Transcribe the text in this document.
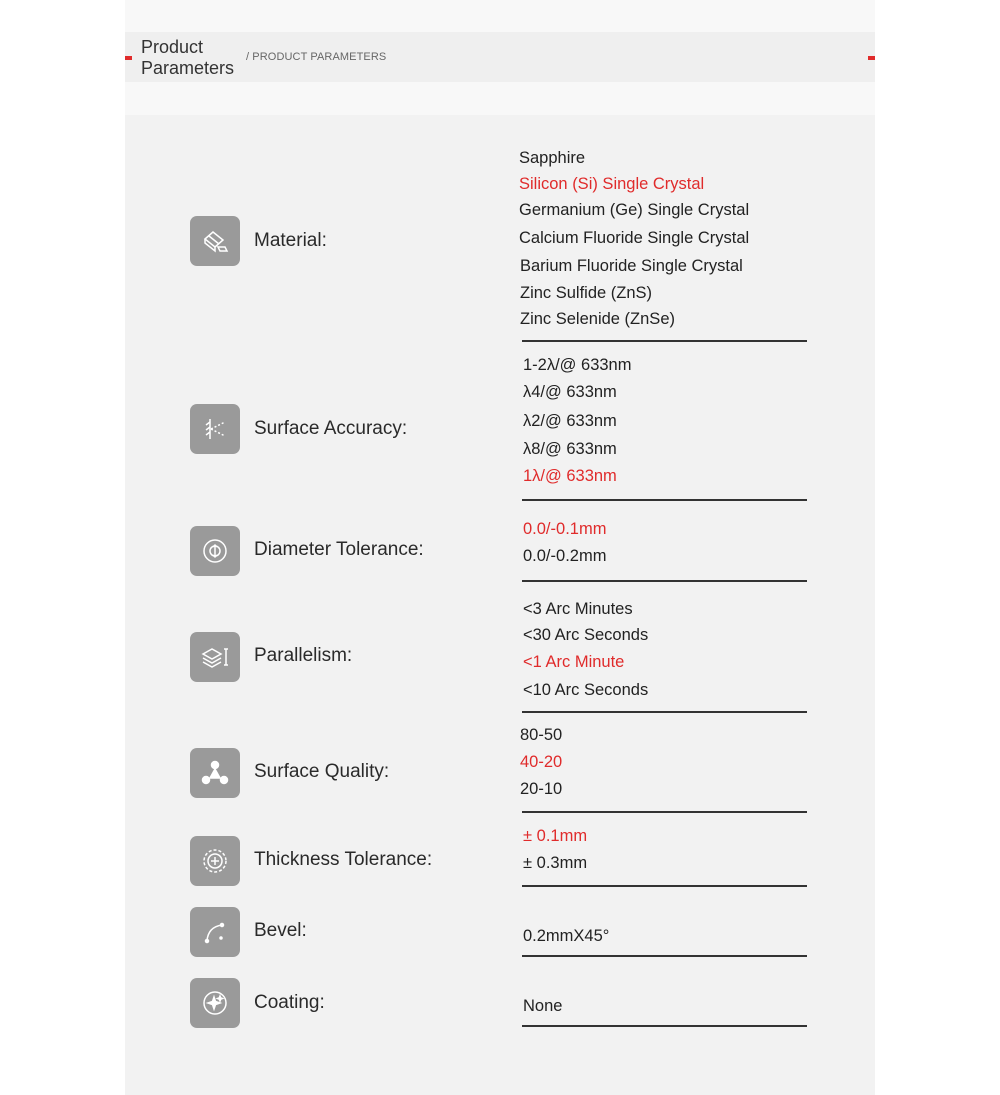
Product
Parameters
/ PRODUCT PARAMETERS
Material:
Sapphire
Silicon (Si) Single Crystal
Germanium (Ge) Single Crystal
Calcium Fluoride Single Crystal
Barium Fluoride Single Crystal
Zinc Sulfide (ZnS)
Zinc Selenide (ZnSe)
Surface Accuracy:
1-2λ/@ 633nm
λ4/@ 633nm
λ2/@ 633nm
λ8/@ 633nm
1λ/@ 633nm
Diameter Tolerance:
0.0/-0.1mm
0.0/-0.2mm
Parallelism:
<3 Arc Minutes
<30 Arc Seconds
<1 Arc Minute
<10 Arc Seconds
Surface Quality:
80-50
40-20
20-10
Thickness Tolerance:
± 0.1mm
± 0.3mm
Bevel:	0.2mmX45°
Coating:	None
